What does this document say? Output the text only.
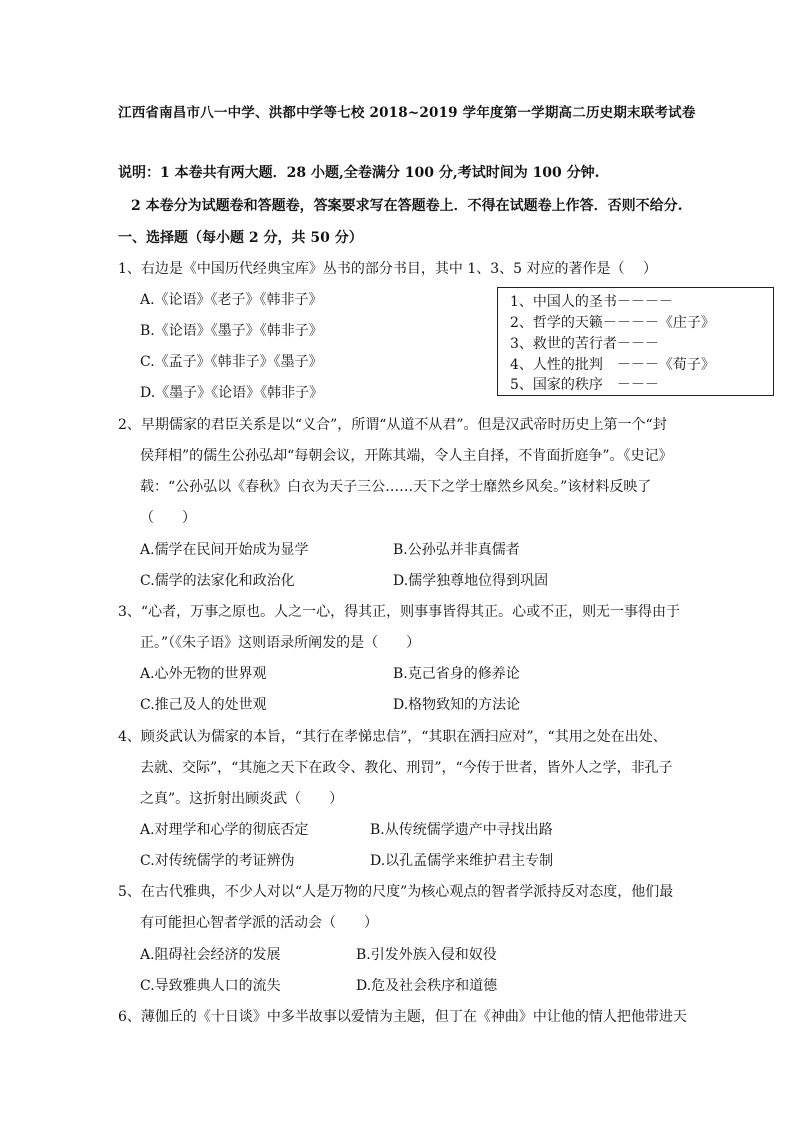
江西省南昌市八一中学、洪都中学等七校 2018~2019 学年度第一学期高二历史期末联考试卷
说明：1 本卷共有两大题．28 小题,全卷满分 100 分,考试时间为 100 分钟.
2 本卷分为试题卷和答题卷，答案要求写在答题卷上．不得在试题卷上作答．否则不给分.
一、选择题（每小题 2 分，共 50 分）
1、右边是《中国历代经典宝库》丛书的部分书目，其中 1、3、5 对应的著作是（　 ）
A.《论语》《老子》《韩非子》
B.《论语》《墨子》《韩非子》
C.《孟子》《韩非子》《墨子》
D.《墨子》《论语》《韩非子》
1、中国人的圣书－－－－
2、哲学的天籁－－－－《庄子》
3、救世的苦行者－－－
4、人性的批判　－－－《荀子》
5、国家的秩序　－－－
2、早期儒家的君臣关系是以“义合”，所谓“从道不从君”。但是汉武帝时历史上第一个“封
侯拜相”的儒生公孙弘却“每朝会议，开陈其端，令人主自择，不肯面折庭争”。《史记》
载：“公孙弘以《春秋》白衣为天子三公……天下之学士靡然乡风矣。”该材料反映了
（　　）
A.儒学在民间开始成为显学	B.公孙弘并非真儒者
C.儒学的法家化和政治化	D.儒学独尊地位得到巩固
3、“心者，万事之原也。人之一心，得其正，则事事皆得其正。心或不正，则无一事得由于
正。”（《朱子语》这则语录所阐发的是（　　）
A.心外无物的世界观	B.克己省身的修养论
C.推己及人的处世观	D.格物致知的方法论
4、顾炎武认为儒家的本旨，“其行在孝悌忠信”，“其职在洒扫应对”，“其用之处在出处、
去就、交际”，“其施之天下在政令、教化、刑罚”，“今传于世者，皆外人之学，非孔子
之真”。这折射出顾炎武（　　）
A.对理学和心学的彻底否定	B.从传统儒学遗产中寻找出路
C.对传统儒学的考证辨伪	D.以孔孟儒学来维护君主专制
5、在古代雅典，不少人对以“人是万物的尺度”为核心观点的智者学派持反对态度，他们最
有可能担心智者学派的活动会（　　）
A.阻碍社会经济的发展	B.引发外族入侵和奴役
C.导致雅典人口的流失	D.危及社会秩序和道德
6、薄伽丘的《十日谈》中多半故事以爱情为主题，但丁在《神曲》中让他的情人把他带进天
